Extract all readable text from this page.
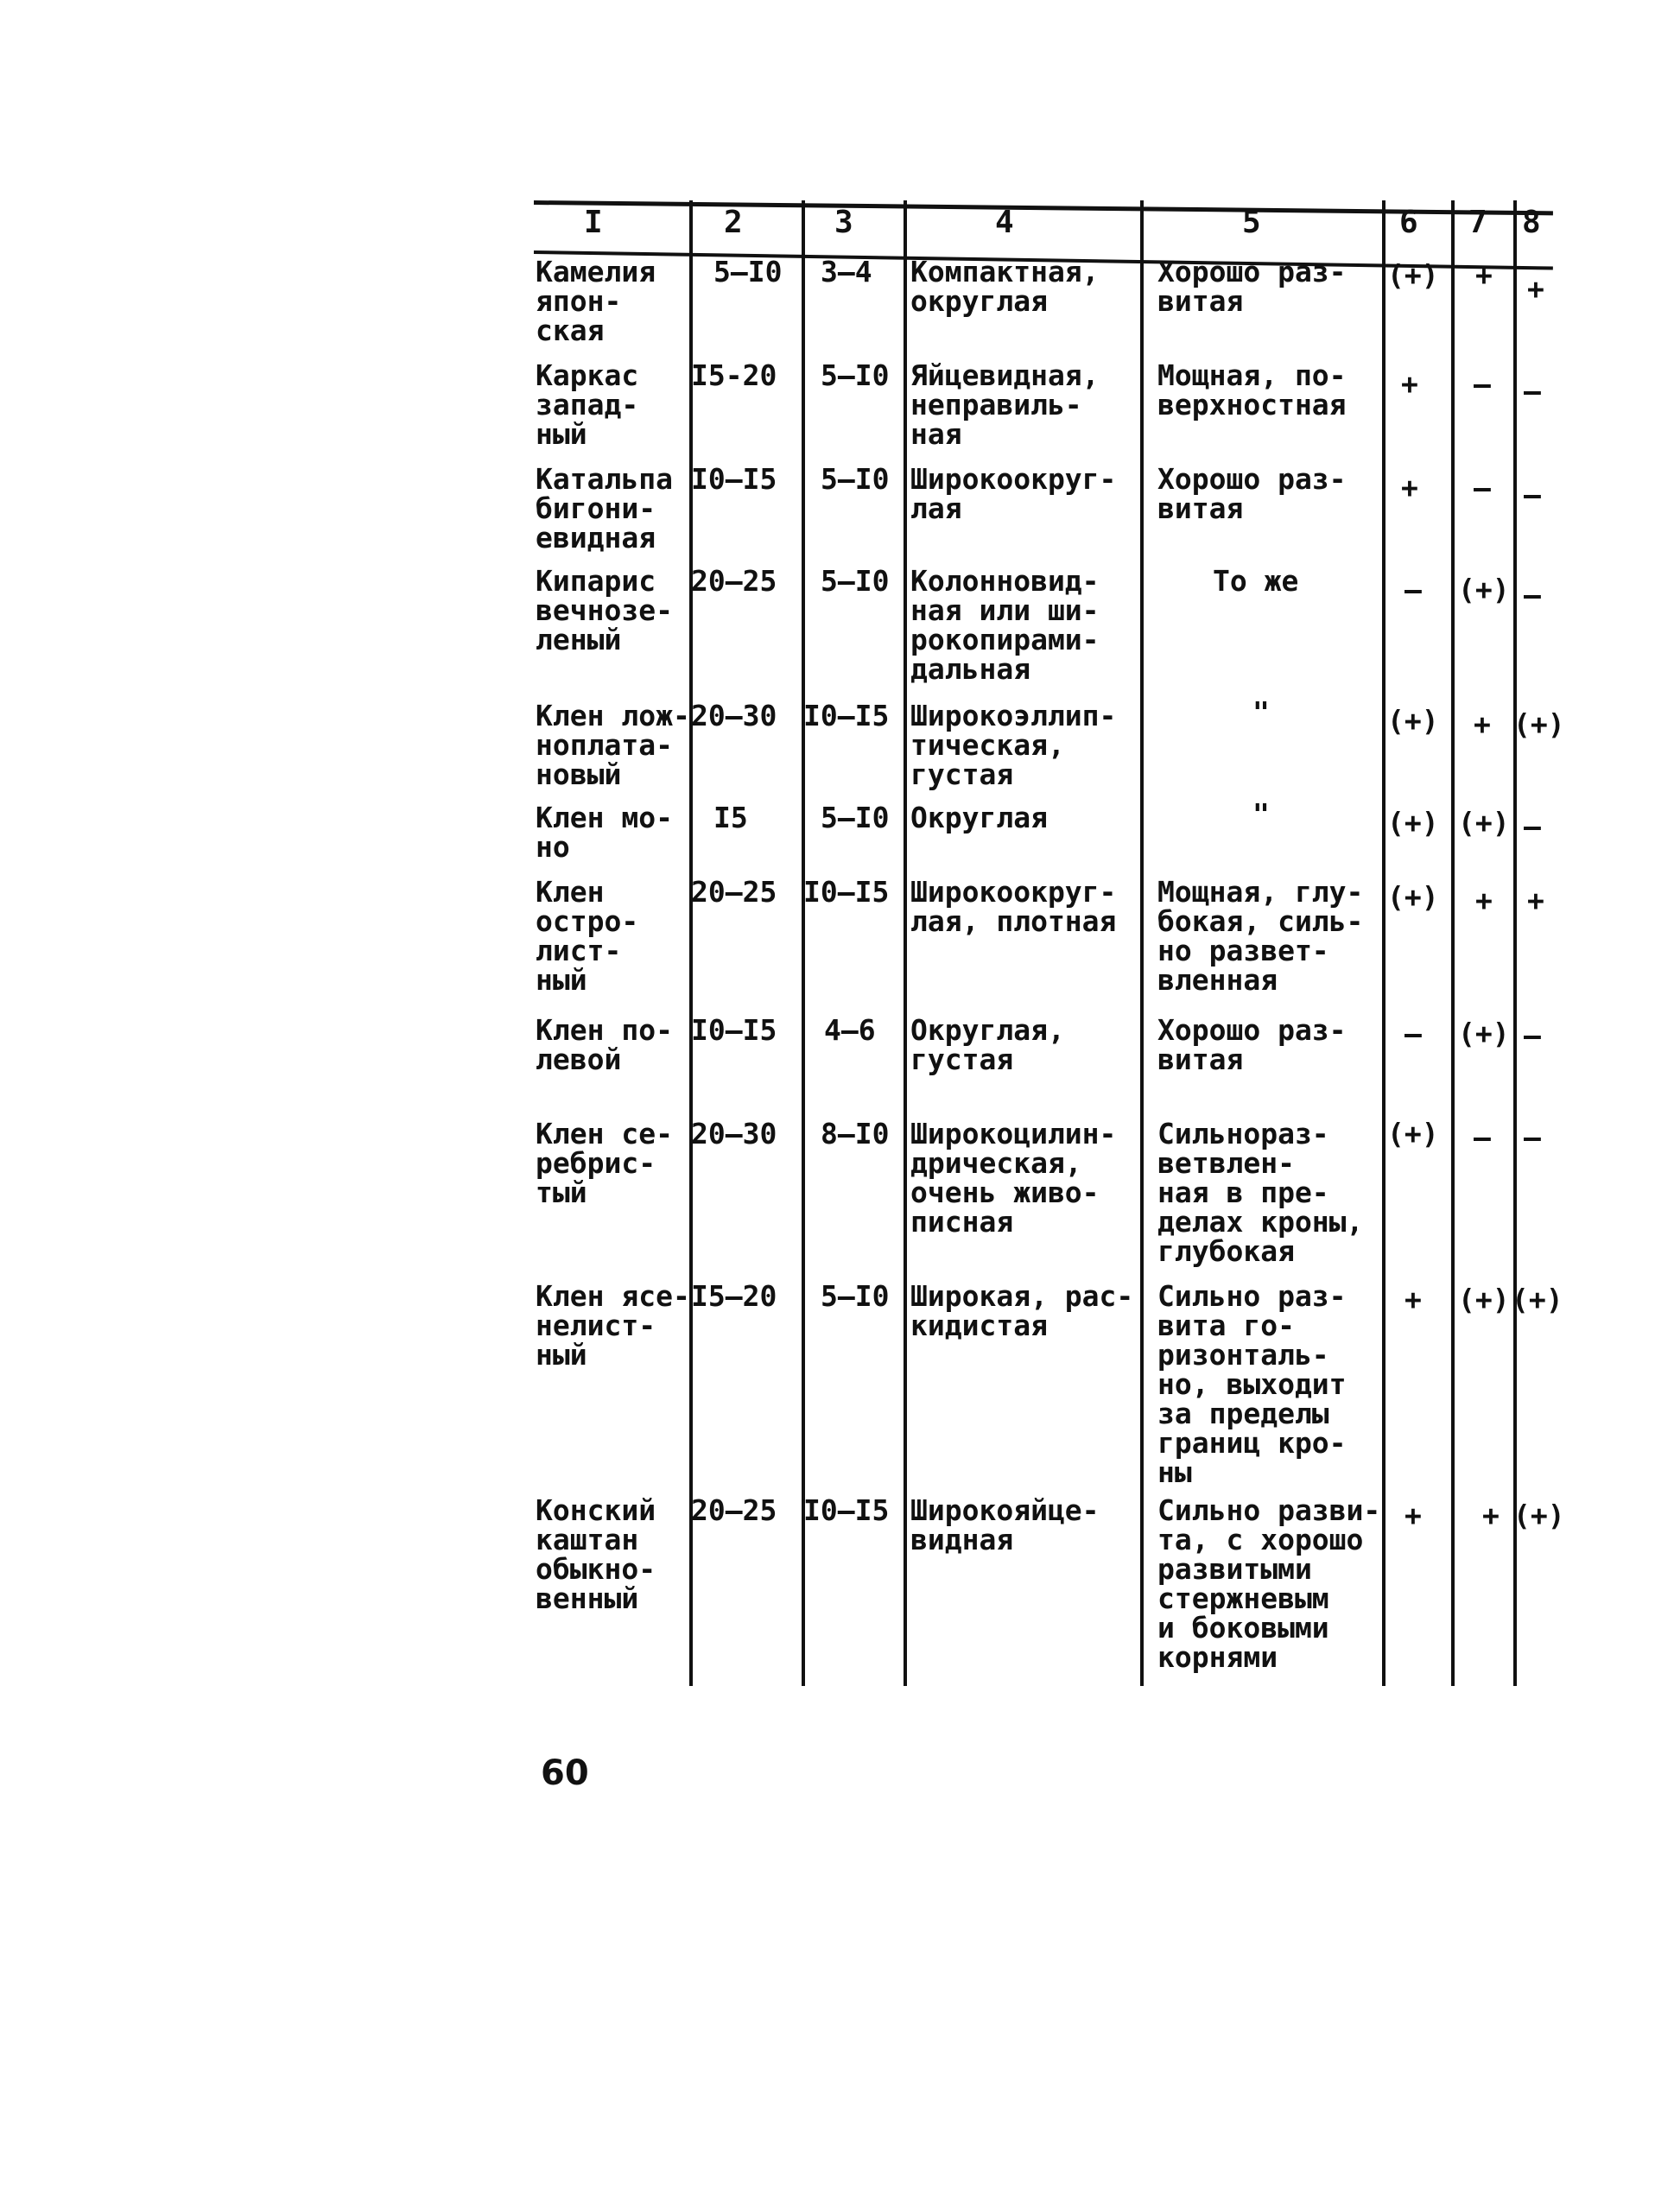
I	2	3	4	5	6 7 8
Камелия
япон-
ская
5–I0 3–4 Компактная,
округлая
Хорошо раз-
витая
(+) + +
Каркас
запад-
ный
I5-20 5–I0 Яйцевидная,
неправиль-
ная
Мощная, по-
верхностная
+ – –
Катальпа
бигони-
евидная
I0–I5 5–I0 Широкоокруг-
лая
Хорошо раз-
витая
+ – –
Кипарис
вечнозе-
леный
20–25 5–I0 Колонновид-
ная или ши-
рокопирами-
дальная
То же	– (+) –
Клен лож-
ноплата-
новый
20–30 I0–I5 Широкоэллип-
тическая,
густая
"	(+) + (+)
Клен мо-
но
I5	5–I0 Округлая	"	(+) (+) –
Клен
остро-
лист-
ный
20–25 I0–I5 Широкоокруг-
лая, плотная
Мощная, глу-
бокая, силь-
но развет-
вленная
(+) + +
Клен по-
левой
I0–I5 4–6 Округлая,
густая
Хорошо раз-
витая
– (+) –
Клен се-
ребрис-
тый
20–30 8–I0 Широкоцилин-
дрическая,
очень живо-
писная
Сильнораз-
ветвлен-
ная в пре-
делах кроны,
глубокая
(+) – –
Клен ясе-
нелист-
ный
I5–20 5–I0 Широкая, рас-
кидистая
Сильно раз-
вита го-
ризонталь-
но, выходит
за пределы
границ кро-
ны
+ (+) (+)
Конский
каштан
обыкно-
венный
20–25 I0–I5 Широкояйце-
видная
Сильно разви-
та, с хорошо
развитыми
стержневым
и боковыми
корнями
+ + (+)
60
